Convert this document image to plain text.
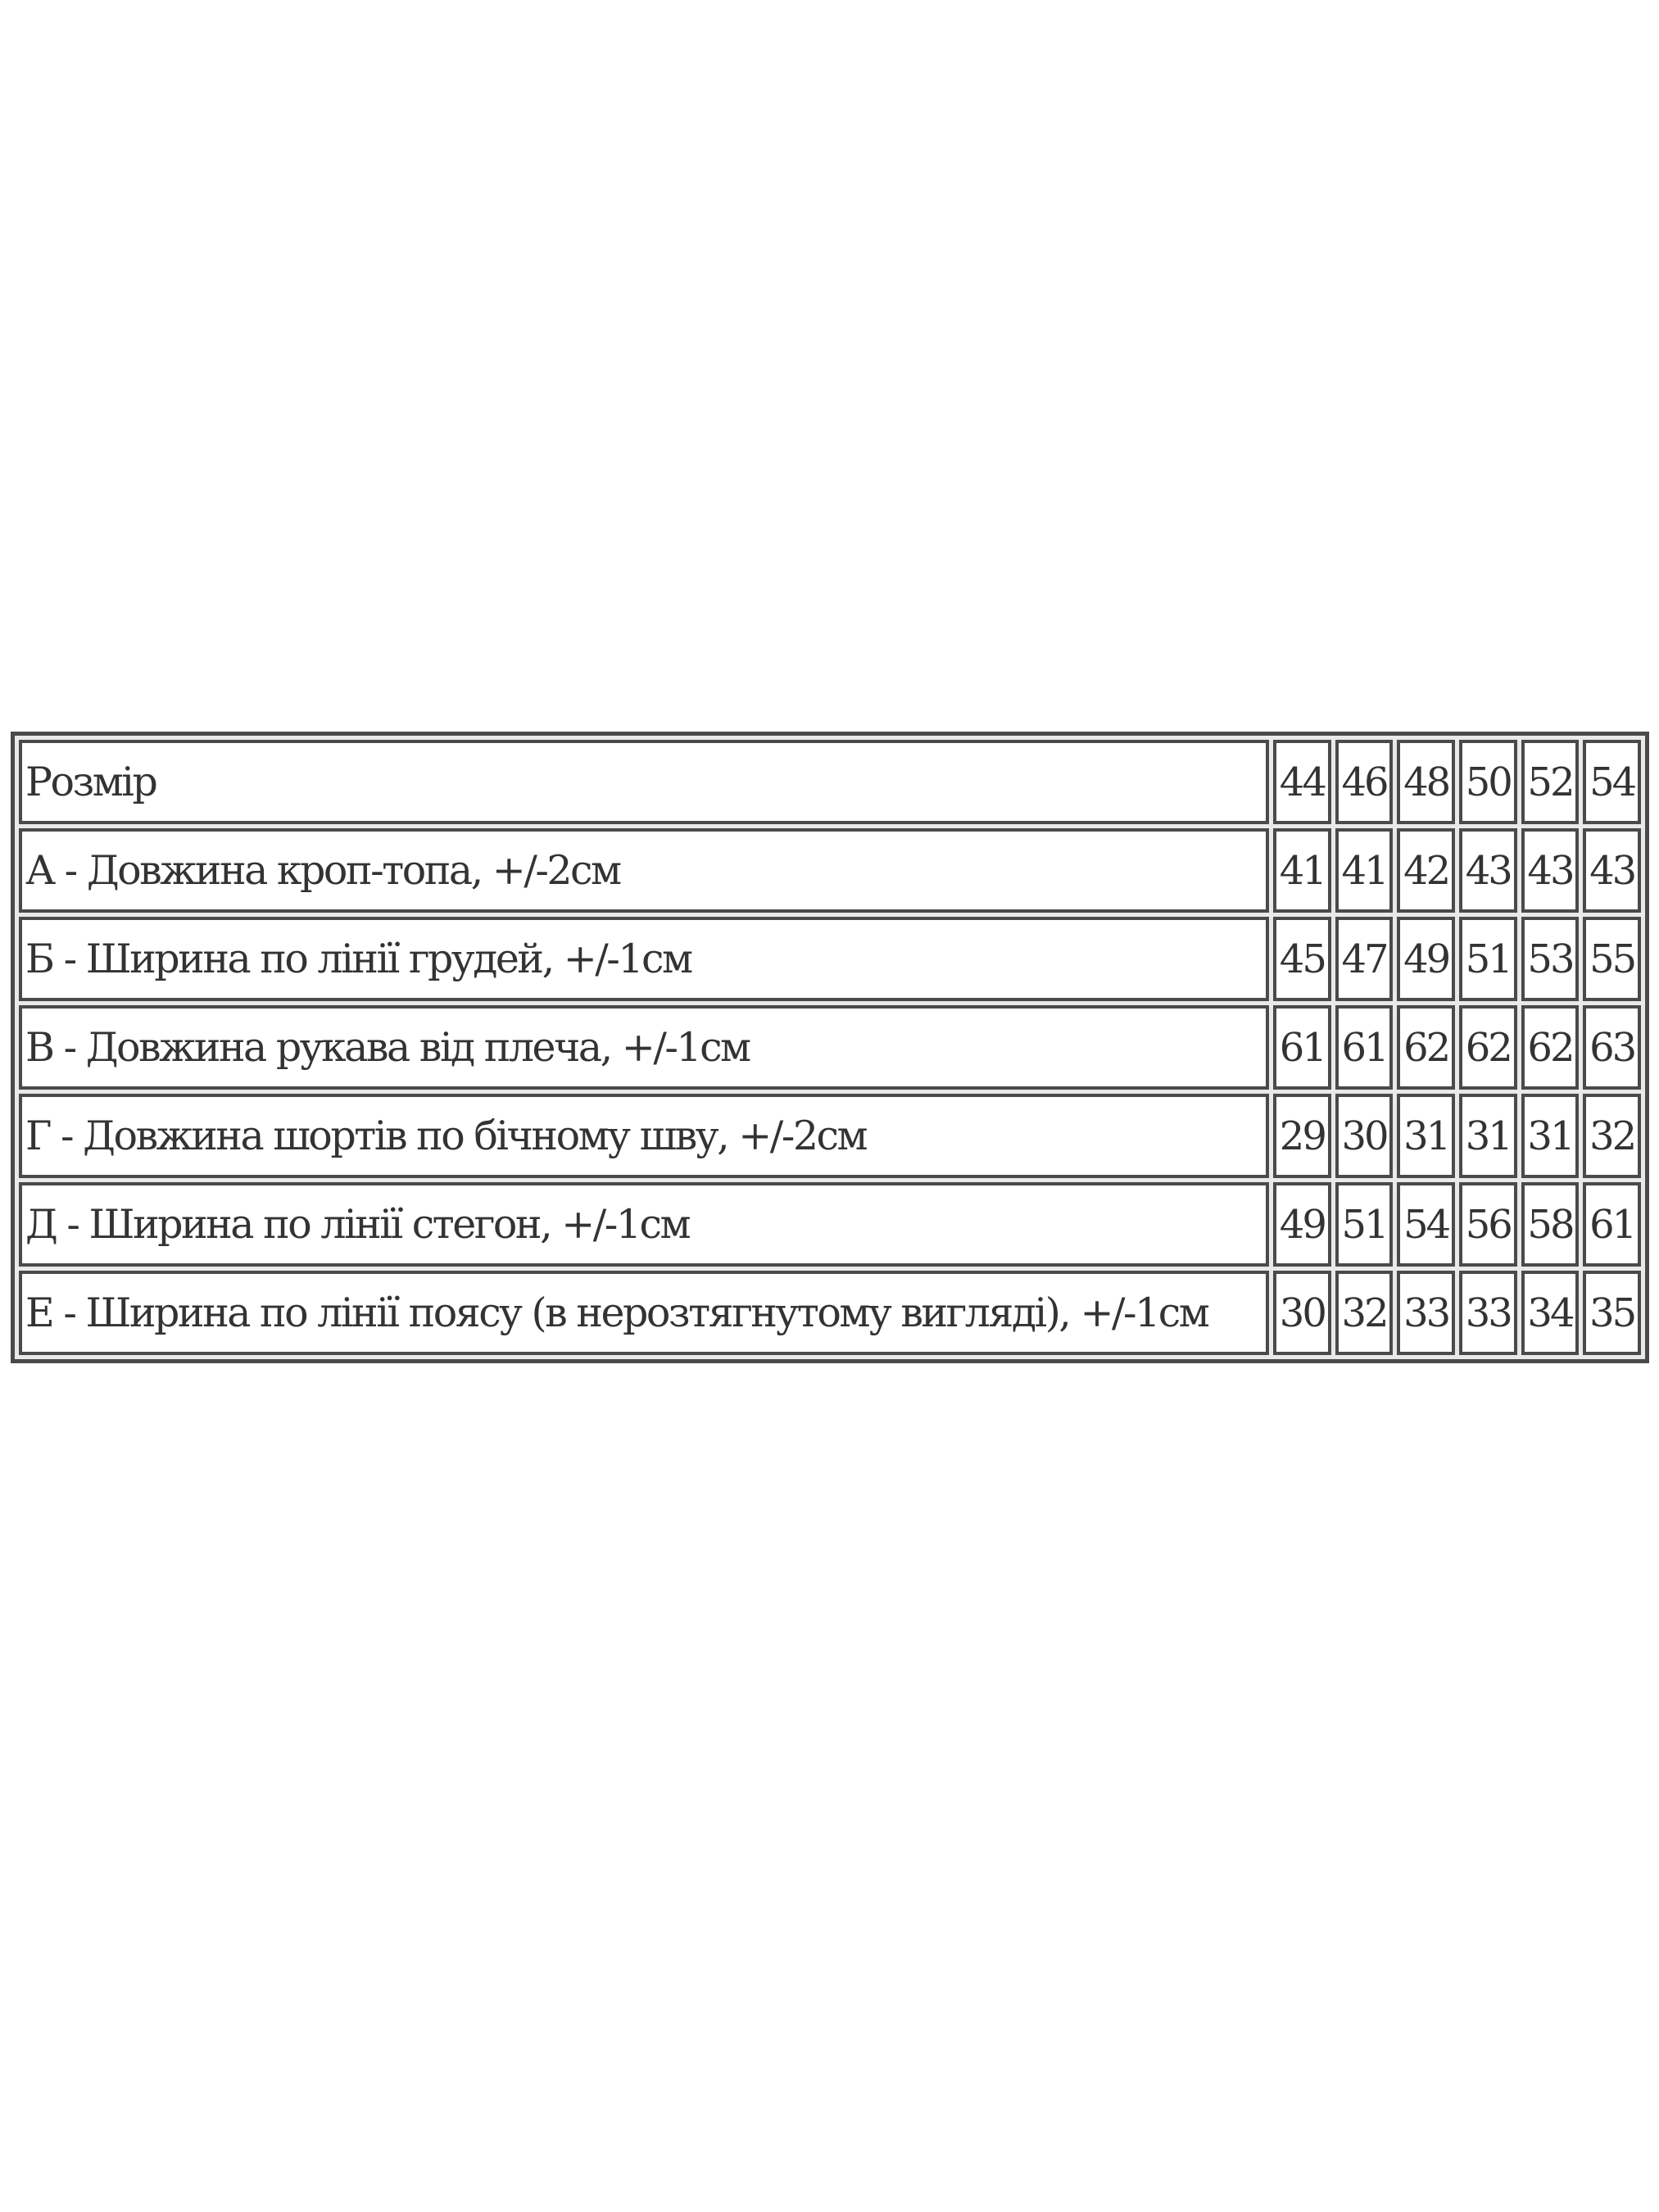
Розмір	44	46	48	50	52	54
А - Довжина кроп-топа, +/-2см	41	41	42	43	43	43
Б - Ширина по лінії грудей, +/-1см	45	47	49	51	53	55
В - Довжина рукава від плеча, +/-1см	61	61	62	62	62	63
Г - Довжина шортів по бічному шву, +/-2см	29	30	31	31	31	32
Д - Ширина по лінії стегон, +/-1см	49	51	54	56	58	61
Е - Ширина по лінії поясу (в нерозтягнутому вигляді), +/-1см	30	32	33	33	34	35
